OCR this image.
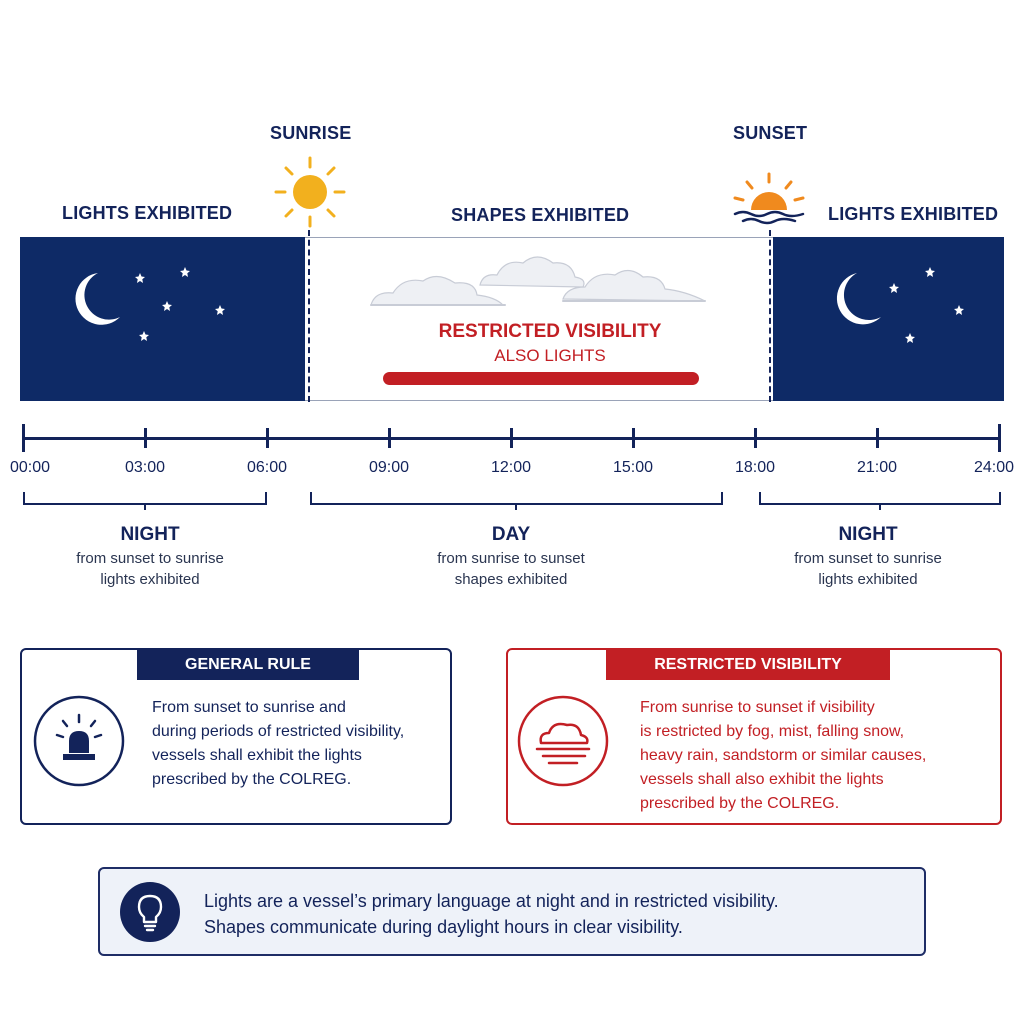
SUNRISE	SUNSET
LIGHTS EXHIBITED	SHAPES EXHIBITED	LIGHTS EXHIBITED
RESTRICTED VISIBILITY
ALSO LIGHTS
00:00	03:00	06:00	09:00	12:00	15:00	18:00	21:00	24:00
NIGHT
from sunset to sunrise
lights exhibited
DAY
from sunrise to sunset
shapes exhibited
NIGHT
from sunset to sunrise
lights exhibited
GENERAL RULE
From sunset to sunrise and
during periods of restricted visibility,
vessels shall exhibit the lights
prescribed by the COLREG.
RESTRICTED VISIBILITY
From sunrise to sunset if visibility
is restricted by fog, mist, falling snow,
heavy rain, sandstorm or similar causes,
vessels shall also exhibit the lights
prescribed by the COLREG.
Lights are a vessel’s primary language at night and in restricted visibility.
Shapes communicate during daylight hours in clear visibility.
